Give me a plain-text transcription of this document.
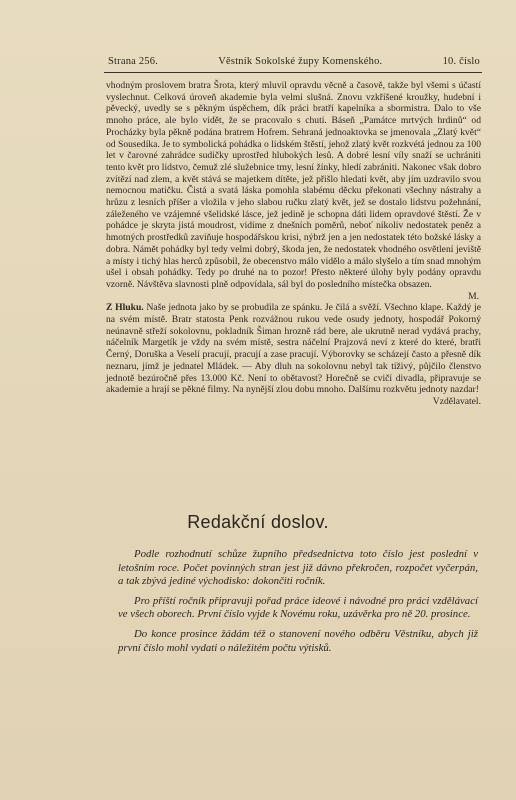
Strana 256.	Věstník Sokolské župy Komenského.	10. číslo

vhodným proslovem bratra Šrota, který mluvil opravdu věcně a časově, takže byl všemi s účastí vyslechnut. Celková úroveň akademie byla velmi slušná. Znovu vzkříšené kroužky, hudební i pěvecký, uvedly se s pěkným úspěchem, dík práci bratří kapelníka a sbormistra. Dalo to vše mnoho práce, ale bylo vidět, že se pracovalo s chutí. Báseň „Památce mrtvých hrdinů“ od Procházky byla pěkně podána bratrem Hofrem. Sehraná jednoaktovka se jmenovala „Zlatý květ“ od Sousedíka. Je to symbolická pohádka o lidském štěstí, jehož zlatý květ rozkvétá jednou za 100 let v čarovné zahrádce sudičky uprostřed hlubokých lesů. A dobré lesní víly snaží se uchrániti tento květ pro lidstvo, čemuž zlé služebnice tmy, lesní žínky, hledí zabrániti. Nakonec však dobro zvítězí nad zlem, a květ stává se majetkem dítěte, jež přišlo hledati květ, aby jím uzdravilo svou nemocnou matičku. Čistá a svatá láska pomohla slabému děcku překonati všechny nástrahy a hrůzu z lesních příšer a vložila v jeho slabou ručku zlatý květ, jež se dostalo lidstvu požehnání, záleženého ve vzájemné všelidské lásce, jež jedině je schopna dáti lidem opravdové štěstí. Že v pohádce je skryta jistá moudrost, vidíme z dnešních poměrů, neboť nikoliv nedostatek peněz a hmotných prostředků zaviňuje hospodářskou krisi, nýbrž jen a jen nedostatek této božské lásky a dobra. Námět pohádky byl tedy velmi dobrý, škoda jen, že nedostatek vhodného osvětlení jeviště a místy i tichý hlas herců způsobil, že obecenstvo málo vidělo a málo slyšelo a tím snad mnohým ušel i obsah pohádky. Tedy po druhé na to pozor! Přesto některé úlohy byly podány opravdu vzorně. Návštěva slavnosti plně odpovídala, sál byl do posledního místečka obsazen.

M.

Z Hluku. Naše jednota jako by se probudila ze spánku. Je čilá a svěží. Všechno klape. Každý je na svém místě. Bratr statosta Penk rozvážnou rukou vede osudy jednoty, hospodář Pokorný neúnavně střeží sokolovnu, pokladník Šiman hrozně rád bere, ale ukrutně nerad vydává prachy, náčelník Margetík je vždy na svém místě, sestra náčelní Prajzová neví z které do které, bratři Černý, Doruška a Veselí pracují, pracují a zase pracují. Výborovky se scházejí často a přesně dík neznaru, jímž je jednatel Mládek. — Aby dluh na sokolovnu nebyl tak tíživý, půjčilo členstvo jednotě bezúročně přes 13.000 Kč. Není to obětavost? Horečně se cvičí divadla, připravuje se akademie a hrají se pěkné filmy. Na nynější zlou dobu mnoho. Dalšímu rozkvětu jednoty nazdar!

Vzdělavatel.

Redakční doslov.

Podle rozhodnutí schůze župního předsednictva toto číslo jest poslední v letošním roce. Počet povinných stran jest již dávno překročen, rozpočet vyčerpán, a tak zbývá jediné východisko: dokončiti ročník.

Pro příští ročník připravuji pořad práce ideové i návodné pro práci vzdělávací ve všech oborech. První číslo vyjde k Novému roku, uzávěrka pro ně 20. prosince.

Do konce prosince žádám též o stanovení nového odběru Věstníku, abych již první číslo mohl vydati o náležitém počtu výtisků.
